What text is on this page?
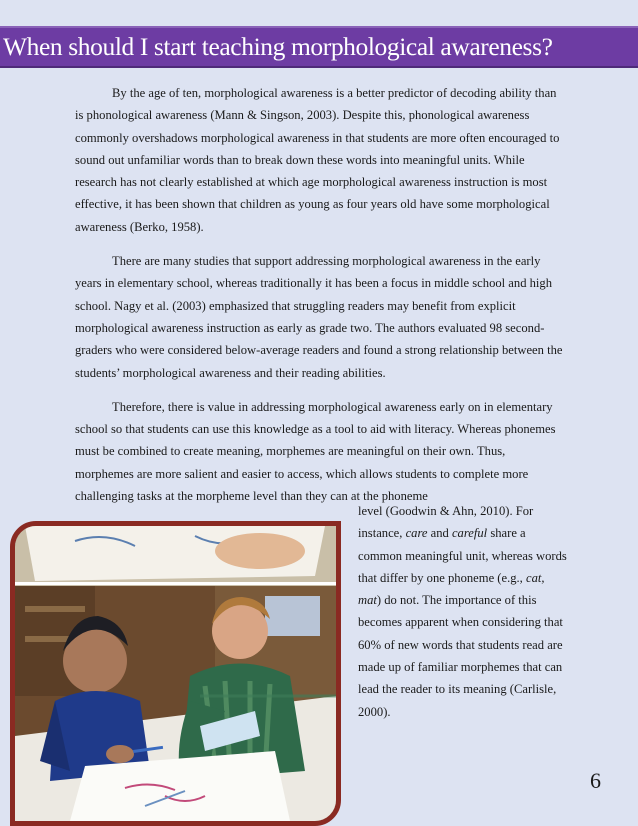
When should I start teaching morphological awareness?

By the age of ten, morphological awareness is a better predictor of decoding ability than is phonological awareness (Mann & Singson, 2003). Despite this, phonological awareness commonly overshadows morphological awareness in that students are more often encouraged to sound out unfamiliar words than to break down these words into meaningful units. While research has not clearly established at which age morphological awareness instruction is most effective, it has been shown that children as young as four years old have some morphological awareness (Berko, 1958).

There are many studies that support addressing morphological awareness in the early years in elementary school, whereas traditionally it has been a focus in middle school and high school. Nagy et al. (2003) emphasized that struggling readers may benefit from explicit morphological awareness instruction as early as grade two. The authors evaluated 98 second-graders who were considered below-average readers and found a strong relationship between the students’ morphological awareness and their reading abilities.

Therefore, there is value in addressing morphological awareness early on in elementary school so that students can use this knowledge as a tool to aid with literacy. Whereas phonemes must be combined to create meaning, morphemes are meaningful on their own. Thus, morphemes are more salient and easier to access, which allows students to complete more challenging tasks at the morpheme level than they can at the phoneme

level (Goodwin & Ahn, 2010). For instance, care and careful share a common meaningful unit, whereas words that differ by one phoneme (e.g., cat, mat) do not. The importance of this becomes apparent when considering that 60% of new words that students read are made up of familiar morphemes that can lead the reader to its meaning (Carlisle, 2000).
6
